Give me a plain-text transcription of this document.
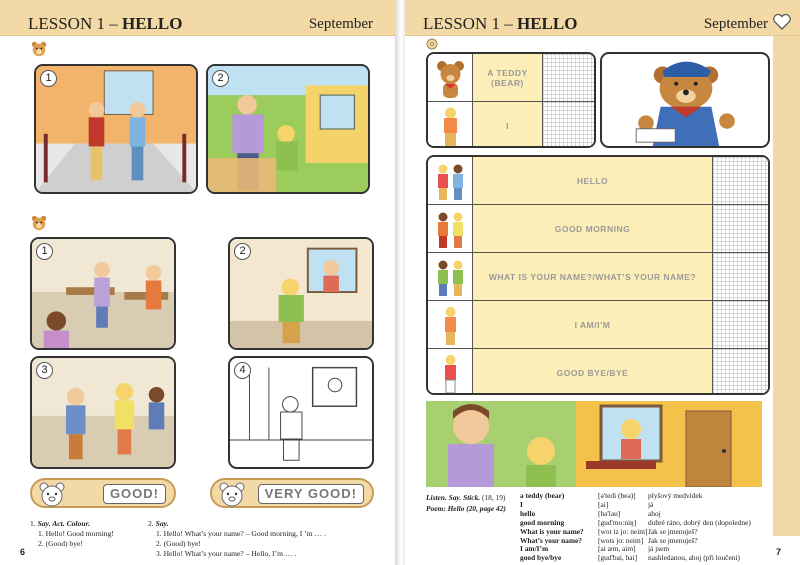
LESSON 1 – HELLO	September
1	2
1	2
3	4
GOOD!	VERY GOOD!
1. Say. Act. Colour.
1. Hello! Good morning!
2. (Good) bye!
2. Say.
1. Hello! What’s your name? – Good morning, I ’m … .
2. (Good) bye!
3. Hello! What’s your name? – Hello, I’m … .
6
LESSON 1 – HELLO	September
A TEDDY (BEAR)
I
HELLO
GOOD MORNING
WHAT IS YOUR NAME?/WHAT’S YOUR NAME?
I AM/I’M
GOOD BYE/BYE
Listen. Say. Stick. (18, 19)
Poem: Hello (20, page 42)
a teddy (bear)	[ə'tedi (beə)]	plyšový medvídek
I	[ai]	já
hello	[hə'ləu]	ahoj
good morning	[gud'mo:niŋ]	dobré ráno, dobrý den (dopoledne)
What is your name?	[wot iz jo: neim] Jak se jmenuješ?
What’s your name?	[wots jo: neim] Jak se jmenuješ?
I am/I’m	[ai æm, aim]	já jsem
good bye/bye	[gud'bai, bai]	nashledanou, ahoj (při loučení)
7
